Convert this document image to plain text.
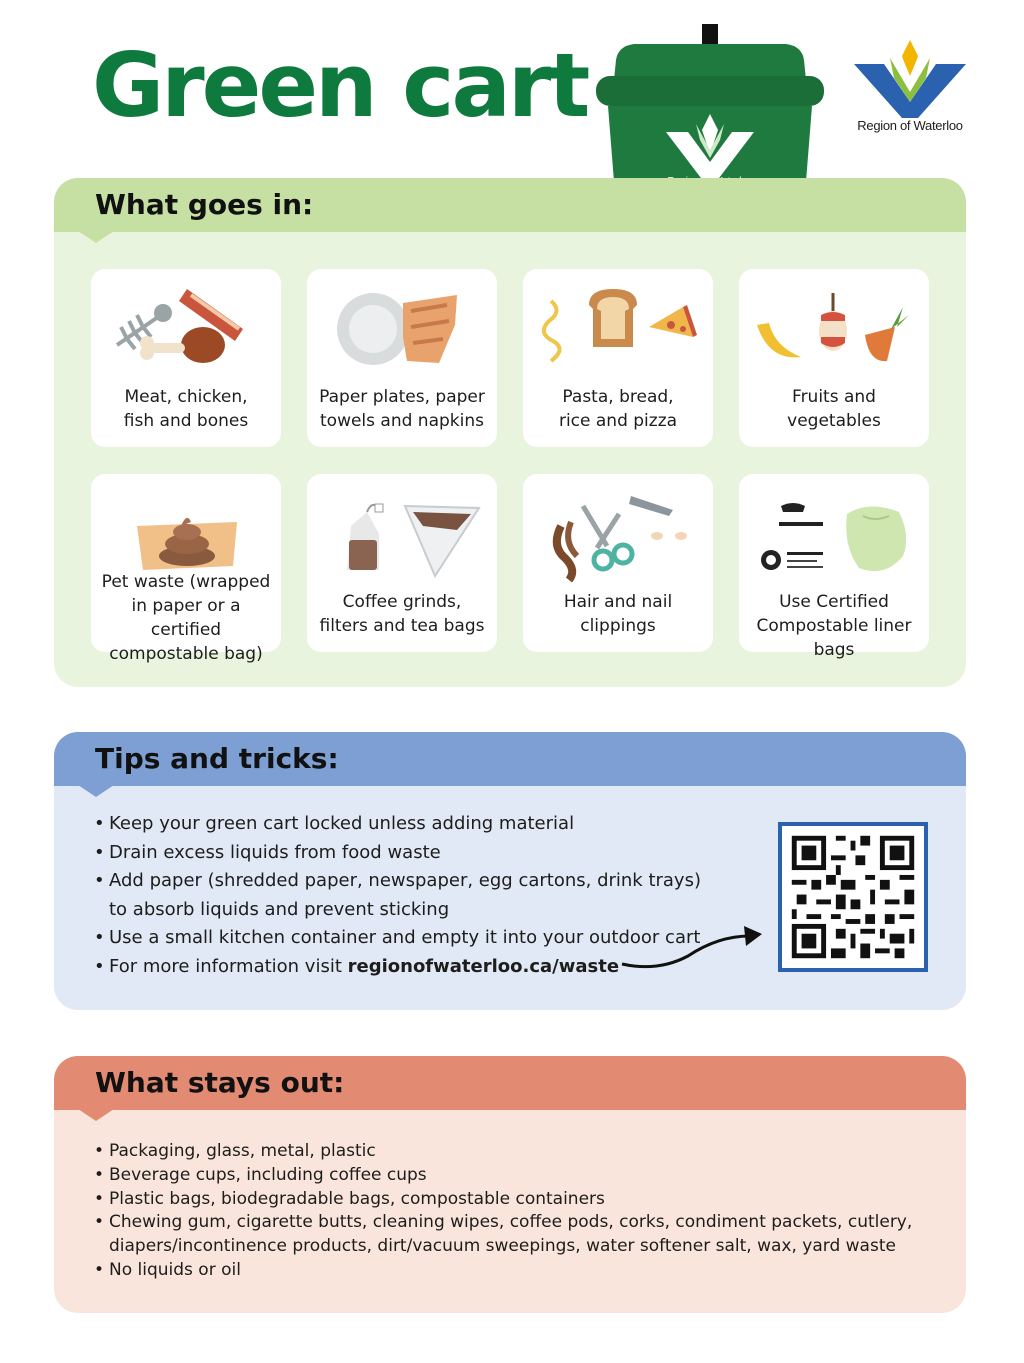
Green cart	Region of Waterloo
What goes in:
Meat, chicken,
fish and bones
Paper plates, paper
towels and napkins
Pasta, bread,
rice and pizza
Fruits and
vegetables
Pet waste (wrapped
in paper or a certified
compostable bag)
Coffee grinds,
filters and tea bags
Hair and nail
clippings
Use Certified
Compostable liner bags
Tips and tricks:
• Keep your green cart locked unless adding material
• Drain excess liquids from food waste
• Add paper (shredded paper, newspaper, egg cartons, drink trays)
to absorb liquids and prevent sticking
• Use a small kitchen container and empty it into your outdoor cart
• For more information visit regionofwaterloo.ca/waste
What stays out:
• Packaging, glass, metal, plastic
• Beverage cups, including coffee cups
• Plastic bags, biodegradable bags, compostable containers
• Chewing gum, cigarette butts, cleaning wipes, coffee pods, corks, condiment packets, cutlery,
diapers/incontinence products, dirt/vacuum sweepings, water softener salt, wax, yard waste
• No liquids or oil
